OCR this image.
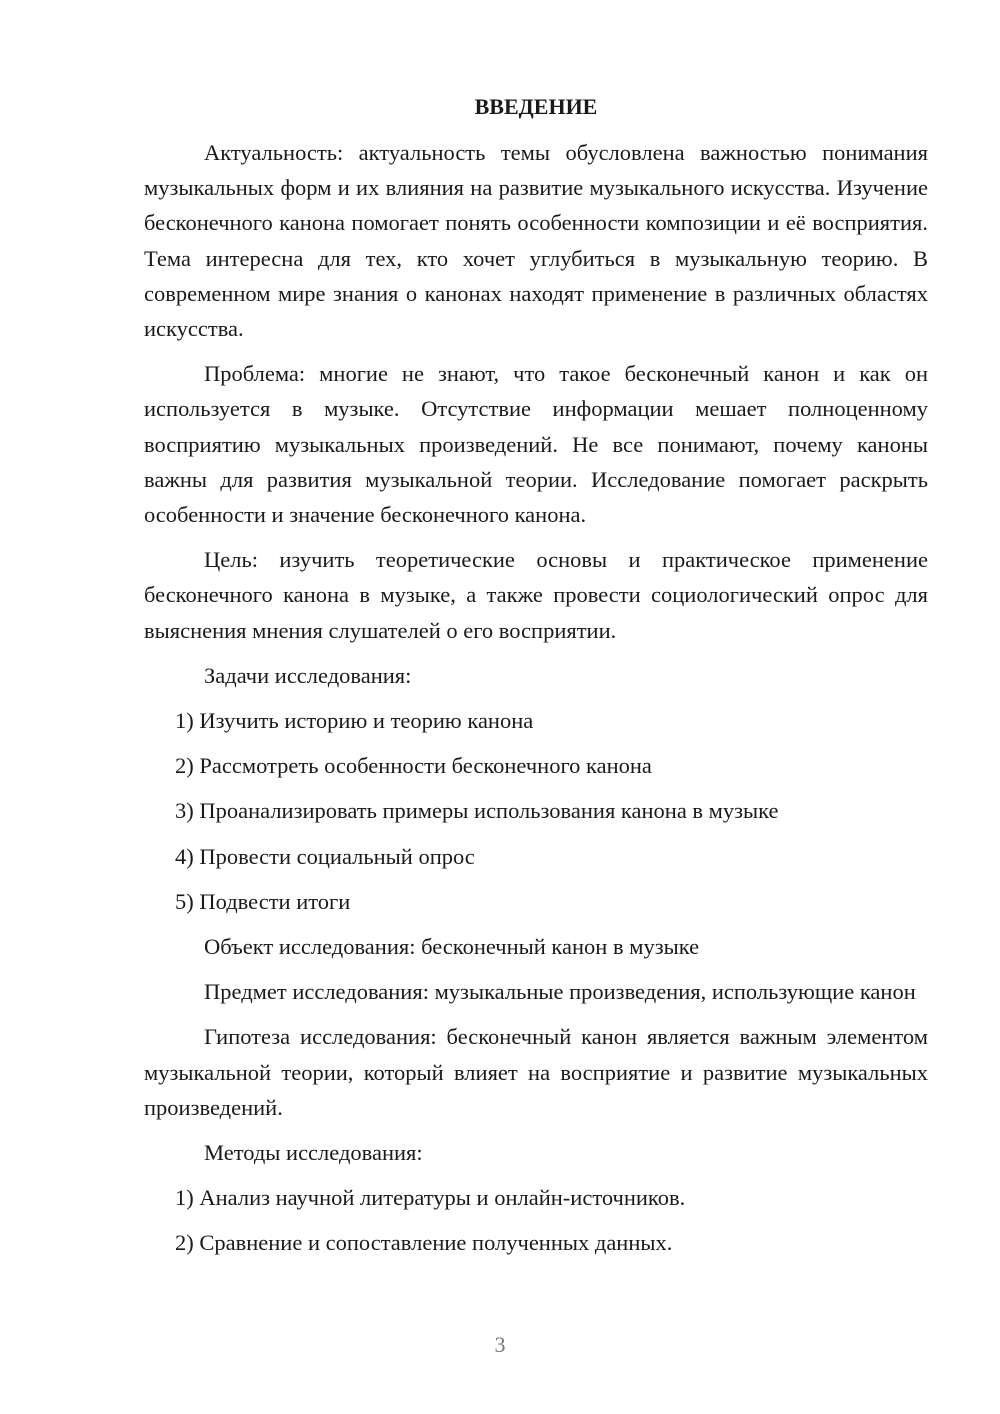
ВВЕДЕНИЕ

Актуальность: актуальность темы обусловлена важностью понимания музыкальных форм и их влияния на развитие музыкального искусства. Изучение бесконечного канона помогает понять особенности композиции и её восприятия. Тема интересна для тех, кто хочет углубиться в музыкальную теорию. В современном мире знания о канонах находят применение в различных областях искусства.

Проблема: многие не знают, что такое бесконечный канон и как он используется в музыке. Отсутствие информации мешает полноценному восприятию музыкальных произведений. Не все понимают, почему каноны важны для развития музыкальной теории. Исследование помогает раскрыть особенности и значение бесконечного канона.

Цель: изучить теоретические основы и практическое применение бесконечного канона в музыке, а также провести социологический опрос для выяснения мнения слушателей о его восприятии.

Задачи исследования:
1) Изучить историю и теорию канона
2) Рассмотреть особенности бесконечного канона
3) Проанализировать примеры использования канона в музыке
4) Провести социальный опрос
5) Подвести итоги
Объект исследования: бесконечный канон в музыке

Предмет исследования: музыкальные произведения, использующие канон

Гипотеза исследования: бесконечный канон является важным элементом музыкальной теории, который влияет на восприятие и развитие музыкальных произведений.

Методы исследования:
1) Анализ научной литературы и онлайн-источников.
2) Сравнение и сопоставление полученных данных.
3
